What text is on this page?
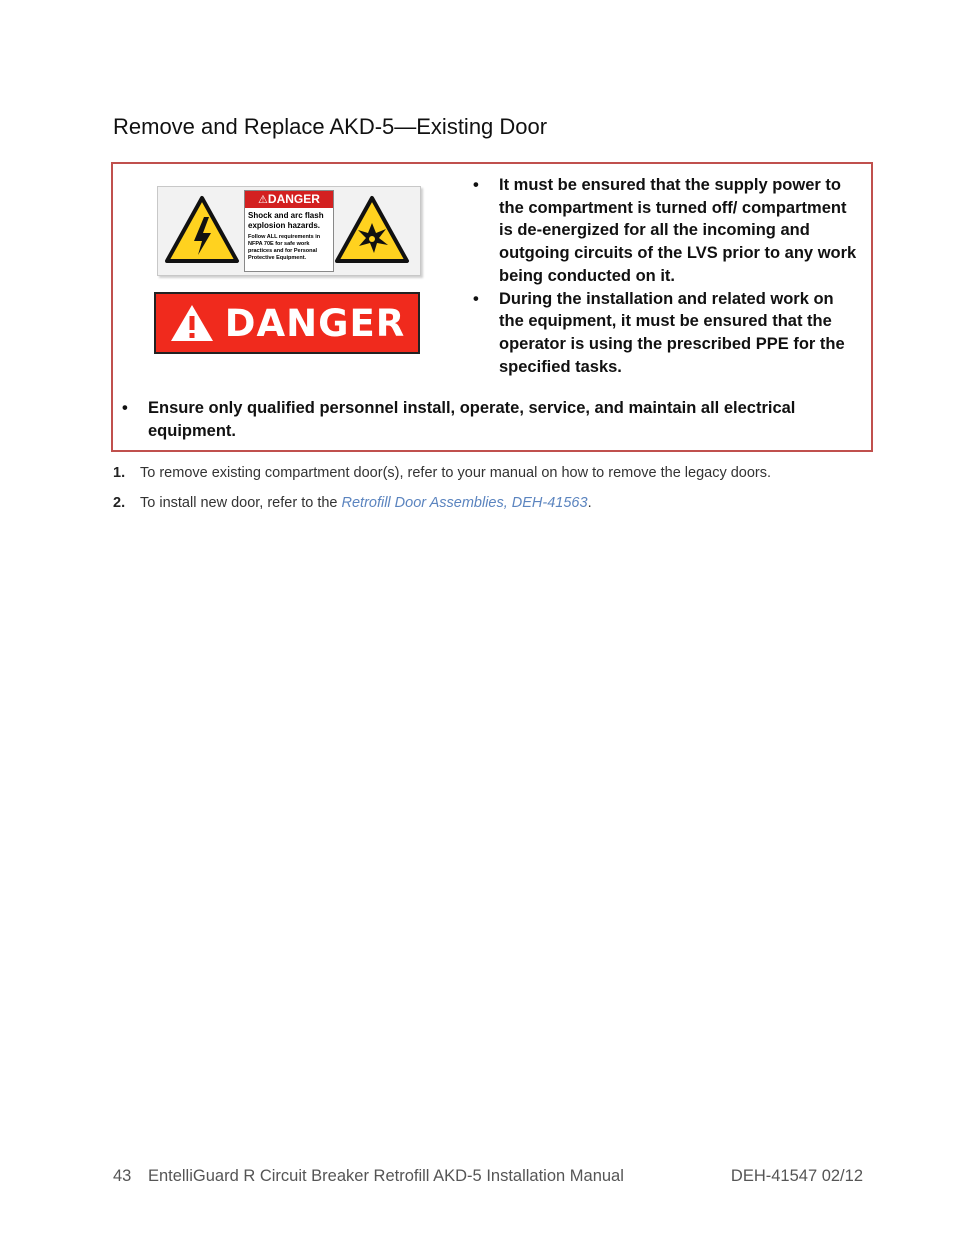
Remove and Replace AKD-5—Existing Door
⚠DANGER
Shock and arc flash explosion hazards.
Follow ALL requirements in NFPA 70E for safe work practices and for Personal Protective Equipment.
DANGER
• It must be ensured that the supply power to the compartment is turned off/ compartment is de-energized for all the incoming and outgoing circuits of the LVS prior to any work being conducted on it.
• During the installation and related work on the equipment, it must be ensured that the operator is using the prescribed PPE for the specified tasks.

• Ensure only qualified personnel install, operate, service, and maintain all electrical equipment.

1. To remove existing compartment door(s), refer to your manual on how to remove the legacy doors.
2. To install new door, refer to the Retrofill Door Assemblies, DEH-41563.
43 EntelliGuard R Circuit Breaker Retrofill AKD-5 Installation Manual	DEH-41547 02/12
